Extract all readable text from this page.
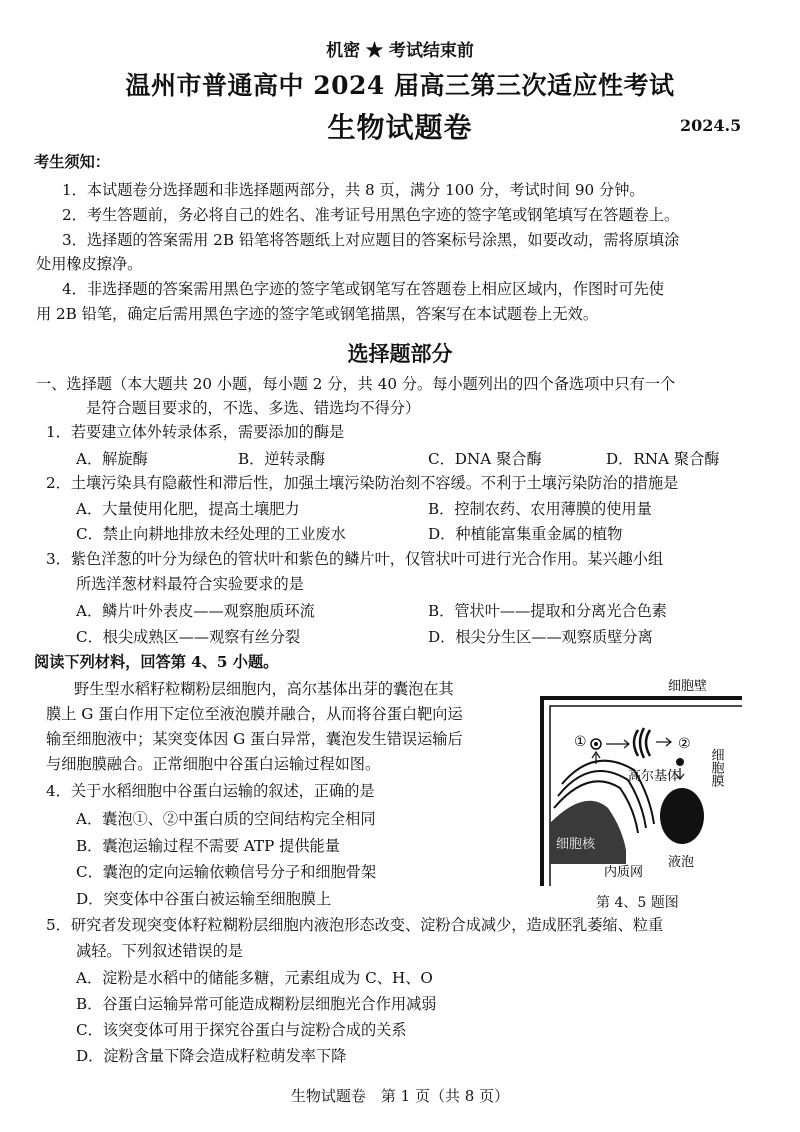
机密 ★ 考试结束前
温州市普通高中 2024 届高三第三次适应性考试
生物试题卷	2024.5
考生须知：
1．本试题卷分选择题和非选择题两部分，共 8 页，满分 100 分，考试时间 90 分钟。
2．考生答题前，务必将自己的姓名、准考证号用黑色字迹的签字笔或钢笔填写在答题卷上。
3．选择题的答案需用 2B 铅笔将答题纸上对应题目的答案标号涂黑，如要改动，需将原填涂
处用橡皮擦净。
4．非选择题的答案需用黑色字迹的签字笔或钢笔写在答题卷上相应区域内，作图时可先使
用 2B 铅笔，确定后需用黑色字迹的签字笔或钢笔描黑，答案写在本试题卷上无效。
选择题部分
一、选择题（本大题共 20 小题，每小题 2 分，共 40 分。每小题列出的四个备选项中只有一个
是符合题目要求的，不选、多选、错选均不得分）
1．若要建立体外转录体系，需要添加的酶是
A．解旋酶	B．逆转录酶	C．DNA 聚合酶	D．RNA 聚合酶
2．土壤污染具有隐蔽性和滞后性，加强土壤污染防治刻不容缓。不利于土壤污染防治的措施是
A．大量使用化肥，提高土壤肥力	B．控制农药、农用薄膜的使用量
C．禁止向耕地排放未经处理的工业废水	D．种植能富集重金属的植物
3．紫色洋葱的叶分为绿色的管状叶和紫色的鳞片叶，仅管状叶可进行光合作用。某兴趣小组
所选洋葱材料最符合实验要求的是
A．鳞片叶外表皮——观察胞质环流	B．管状叶——提取和分离光合色素
C．根尖成熟区——观察有丝分裂	D．根尖分生区——观察质壁分离
阅读下列材料，回答第 4、5 小题。
野生型水稻籽粒糊粉层细胞内，高尔基体出芽的囊泡在其
膜上 G 蛋白作用下定位至液泡膜并融合，从而将谷蛋白靶向运
输至细胞液中；某突变体因 G 蛋白异常，囊泡发生错误运输后
与细胞膜融合。正常细胞中谷蛋白运输过程如图。
细胞壁
细胞膜
细胞核
内质网
①
高尔基体
②
液泡
第 4、5 题图
4．关于水稻细胞中谷蛋白运输的叙述，正确的是
A．囊泡①、②中蛋白质的空间结构完全相同
B．囊泡运输过程不需要 ATP 提供能量
C．囊泡的定向运输依赖信号分子和细胞骨架
D．突变体中谷蛋白被运输至细胞膜上
5．研究者发现突变体籽粒糊粉层细胞内液泡形态改变、淀粉合成减少，造成胚乳萎缩、粒重
减轻。下列叙述错误的是
A．淀粉是水稻中的储能多糖，元素组成为 C、H、O
B．谷蛋白运输异常可能造成糊粉层细胞光合作用减弱
C．该突变体可用于探究谷蛋白与淀粉合成的关系
D．淀粉含量下降会造成籽粒萌发率下降
生物试题卷　第 1 页（共 8 页）
